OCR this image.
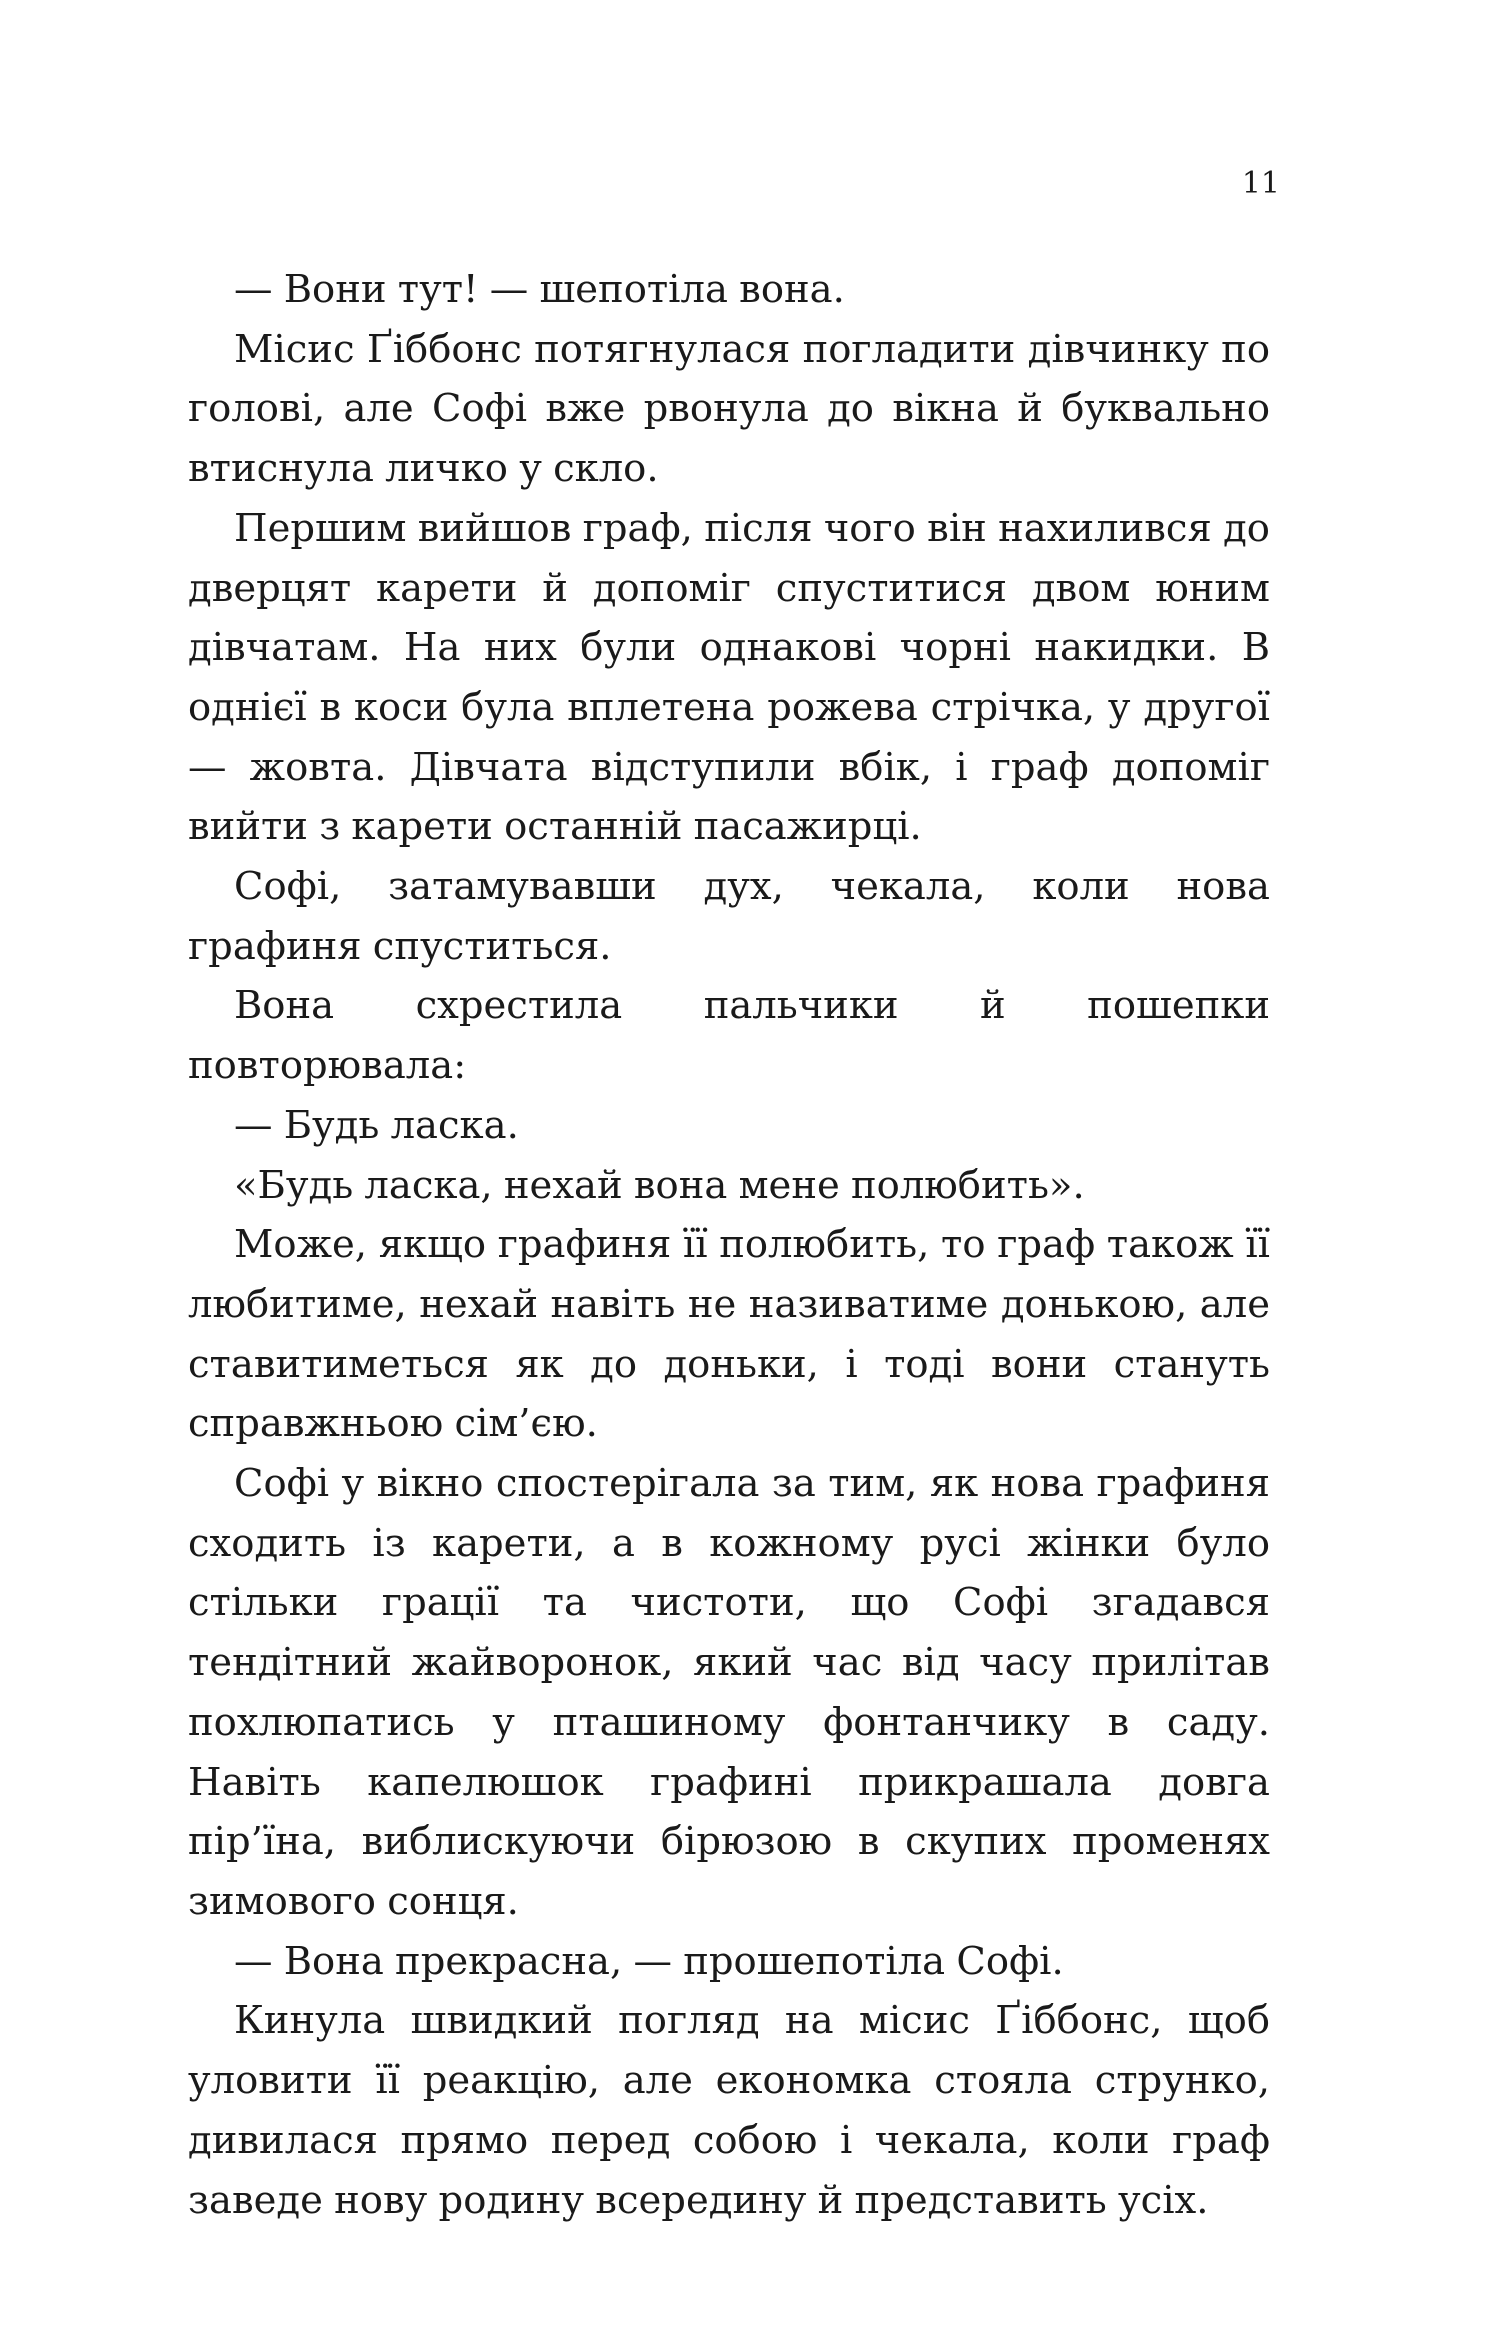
11

— Вони тут! — шепотіла вона.

Місис Ґіббонс потягнулася погладити дівчинку по голові, але Софі вже рвонула до вікна й буквально втиснула личко у скло.

Першим вийшов граф, після чого він нахилився до дверцят карети й допоміг спуститися двом юним дівчатам. На них були однакові чорні накидки. В однієї в коси була вплетена рожева стрічка, у другої — жовта. Дівчата відступили вбік, і граф допоміг вийти з карети останній пасажирці.

Софі, затамувавши дух, чекала, коли нова графиня спуститься.

Вона схрестила пальчики й пошепки повторювала:

— Будь ласка.

«Будь ласка, нехай вона мене полюбить».

Може, якщо графиня її полюбить, то граф також її любитиме, нехай навіть не називатиме донькою, але ставитиметься як до доньки, і тоді вони стануть справжньою сім’єю.

Софі у вікно спостерігала за тим, як нова графиня сходить із карети, а в кожному русі жінки було стільки грації та чистоти, що Софі згадався тендітний жайворонок, який час від часу прилітав похлюпатись у пташиному фонтанчику в саду. Навіть капелюшок графині прикрашала довга пір’їна, виблискуючи бірюзою в скупих променях зимового сонця.

— Вона прекрасна, — прошепотіла Софі.

Кинула швидкий погляд на місис Ґіббонс, щоб уловити її реакцію, але економка стояла струнко, дивилася прямо перед собою і чекала, коли граф заведе нову родину всередину й представить усіх.
